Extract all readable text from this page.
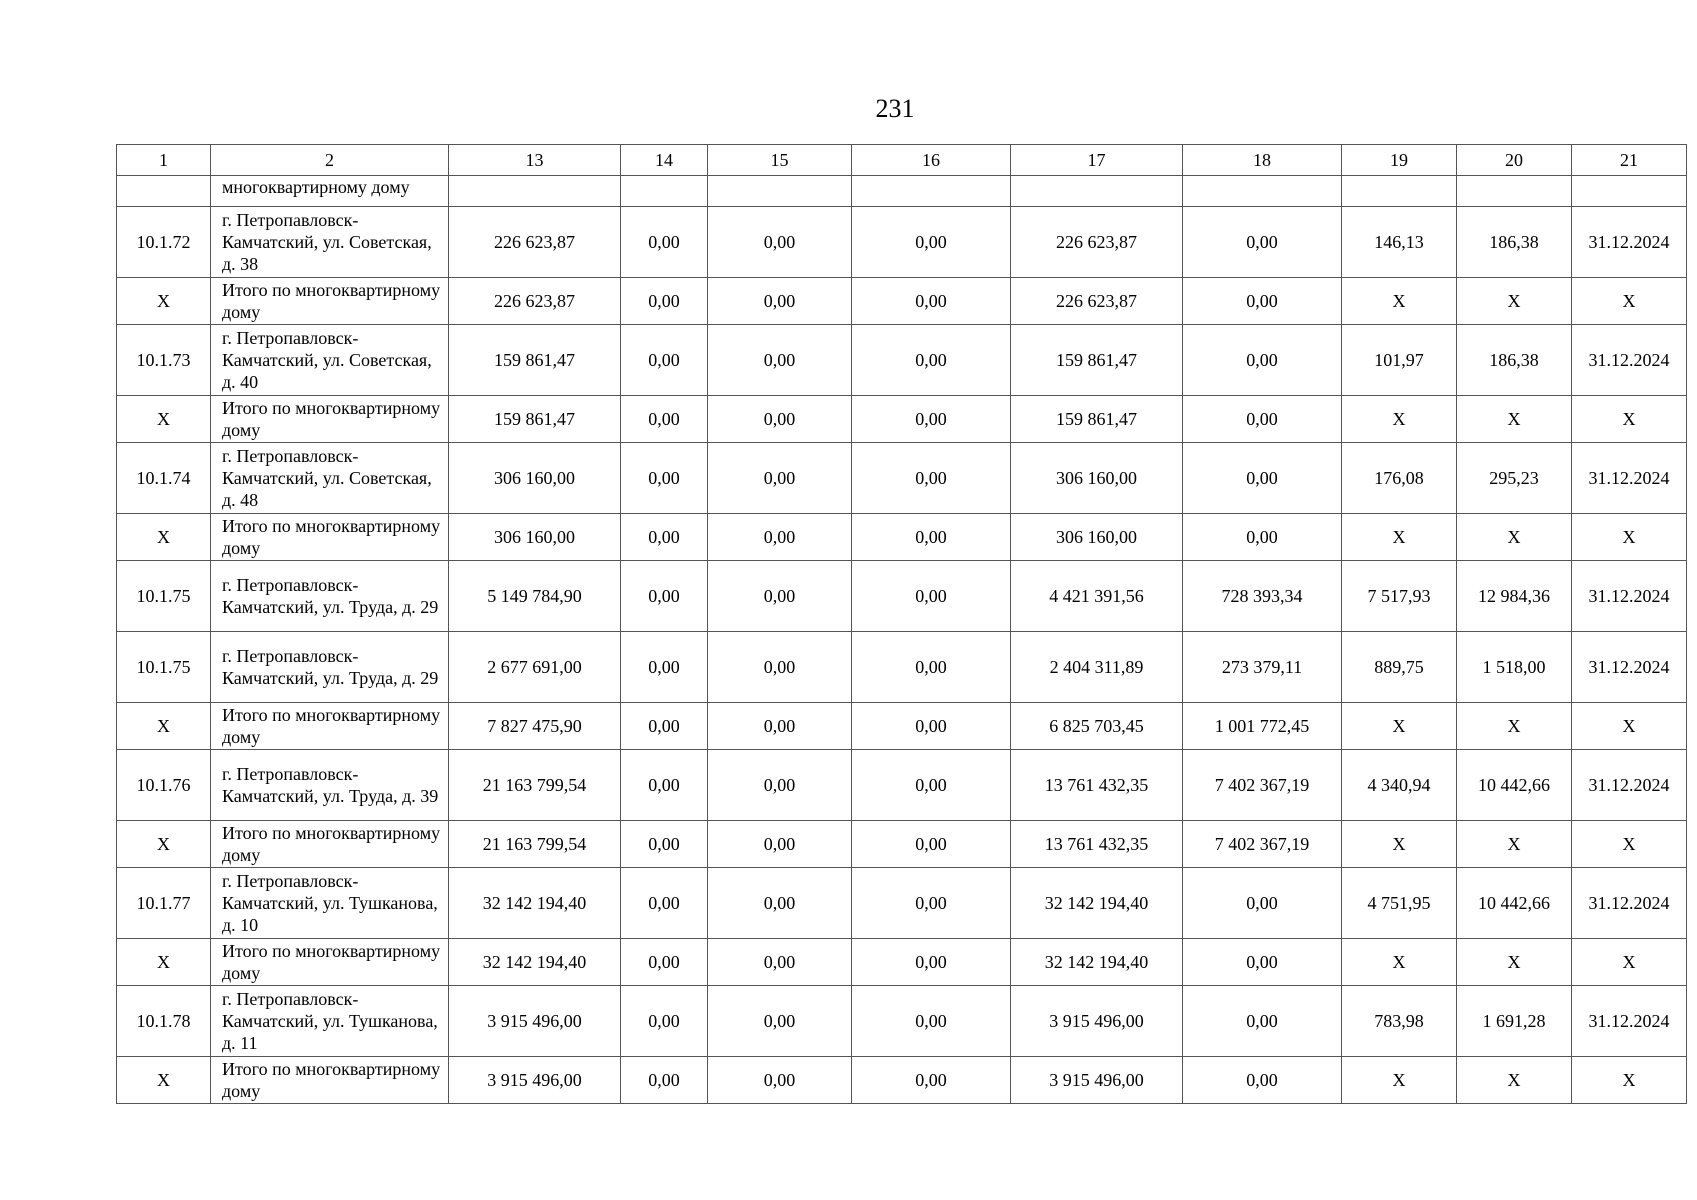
231
1	2	13	14	15	16	17	18	19	20	21
	многоквартирному дому									
10.1.72	г. Петропавловск-Камчатский, ул. Советская, д. 38	226 623,87	0,00	0,00	0,00	226 623,87	0,00	146,13	186,38	31.12.2024
X	Итого по многоквартирному дому	226 623,87	0,00	0,00	0,00	226 623,87	0,00	X	X	X
10.1.73	г. Петропавловск-Камчатский, ул. Советская, д. 40	159 861,47	0,00	0,00	0,00	159 861,47	0,00	101,97	186,38	31.12.2024
X	Итого по многоквартирному дому	159 861,47	0,00	0,00	0,00	159 861,47	0,00	X	X	X
10.1.74	г. Петропавловск-Камчатский, ул. Советская, д. 48	306 160,00	0,00	0,00	0,00	306 160,00	0,00	176,08	295,23	31.12.2024
X	Итого по многоквартирному дому	306 160,00	0,00	0,00	0,00	306 160,00	0,00	X	X	X
10.1.75	г. Петропавловск-Камчатский, ул. Труда, д. 29	5 149 784,90	0,00	0,00	0,00	4 421 391,56	728 393,34	7 517,93	12 984,36	31.12.2024
10.1.75	г. Петропавловск-Камчатский, ул. Труда, д. 29	2 677 691,00	0,00	0,00	0,00	2 404 311,89	273 379,11	889,75	1 518,00	31.12.2024
X	Итого по многоквартирному дому	7 827 475,90	0,00	0,00	0,00	6 825 703,45	1 001 772,45	X	X	X
10.1.76	г. Петропавловск-Камчатский, ул. Труда, д. 39	21 163 799,54	0,00	0,00	0,00	13 761 432,35	7 402 367,19	4 340,94	10 442,66	31.12.2024
X	Итого по многоквартирному дому	21 163 799,54	0,00	0,00	0,00	13 761 432,35	7 402 367,19	X	X	X
10.1.77	г. Петропавловск-Камчатский, ул. Тушканова, д. 10	32 142 194,40	0,00	0,00	0,00	32 142 194,40	0,00	4 751,95	10 442,66	31.12.2024
X	Итого по многоквартирному дому	32 142 194,40	0,00	0,00	0,00	32 142 194,40	0,00	X	X	X
10.1.78	г. Петропавловск-Камчатский, ул. Тушканова, д. 11	3 915 496,00	0,00	0,00	0,00	3 915 496,00	0,00	783,98	1 691,28	31.12.2024
X	Итого по многоквартирному дому	3 915 496,00	0,00	0,00	0,00	3 915 496,00	0,00	X	X	X
